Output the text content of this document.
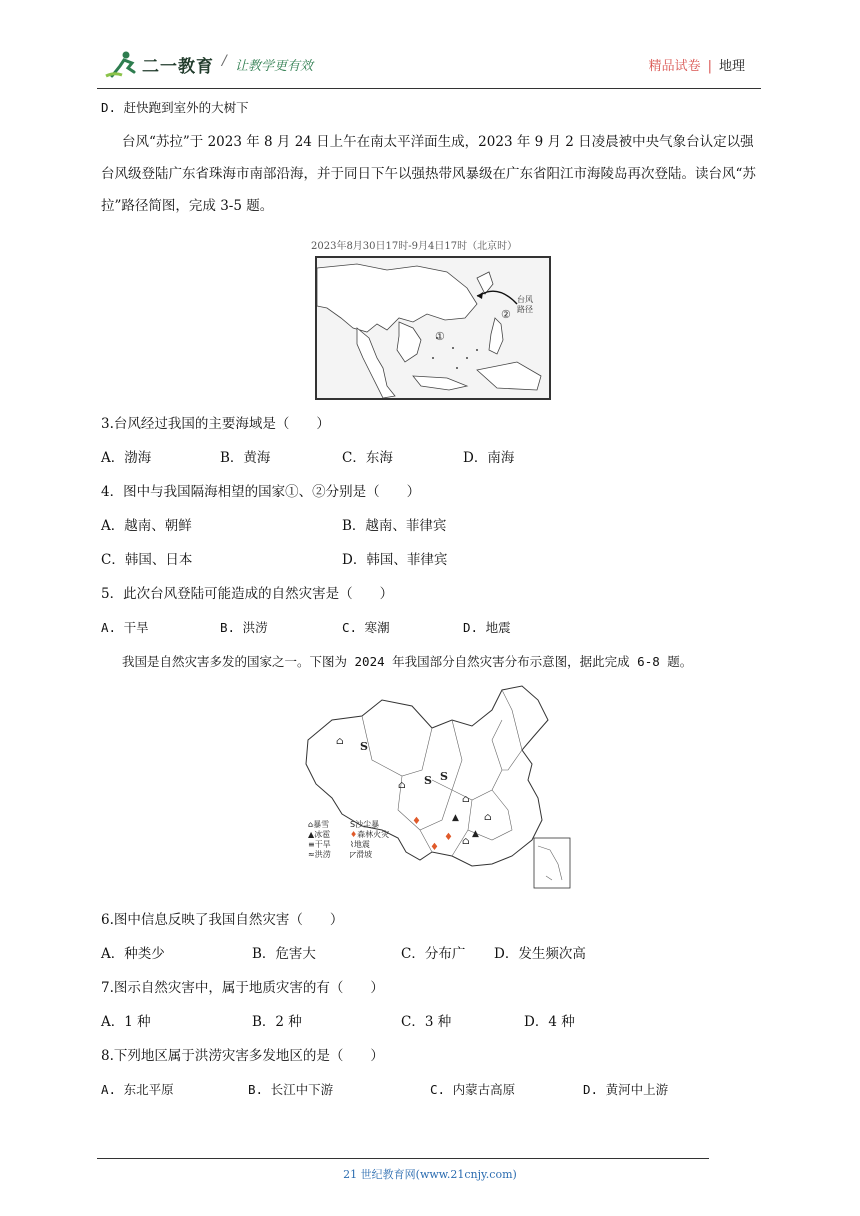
二一教育 / 让教学更有效	精品试卷 | 地理
D. 赶快跑到室外的大树下
台风“苏拉”于 2023 年 8 月 24 日上午在南太平洋面生成，2023 年 9 月 2 日凌晨被中央气象台认定以强台风级登陆广东省珠海市南部沿海，并于同日下午以强热带风暴级在广东省阳江市海陵岛再次登陆。读台风“苏拉”路径简图，完成 3-5 题。
2023年8月30日17时-9月4日17时（北京时）
台风
路径
①
②
3.台风经过我国的主要海域是（　　）
A．渤海	B．黄海	C．东海	D．南海
4．图中与我国隔海相望的国家①、②分别是（　　）
A．越南、朝鲜	B．越南、菲律宾
C．韩国、日本	D．韩国、菲律宾
5．此次台风登陆可能造成的自然灾害是（　　）
A. 干旱	B. 洪涝	C. 寒潮	D. 地震
我国是自然灾害多发的国家之一。下图为 2024 年我国部分自然灾害分布示意图，据此完成 6-8 题。
⌂ S
⌂ S S
⌂
⌂
▲
▲
♦
♦
♦
⌂
⌂暴雪	S沙尘暴
▲冰雹 ♦森林火灾
≡干旱 ⌇地震
≈洪涝 ◸滑坡
6.图中信息反映了我国自然灾害（　　）
A．种类少	B．危害大	C．分布广 D．发生频次高
7.图示自然灾害中，属于地质灾害的有（　　）
A．1 种	B．2 种	C．3 种	D．4 种
8.下列地区属于洪涝灾害多发地区的是（　　）
A. 东北平原	B. 长江中下游	C. 内蒙古高原	D. 黄河中上游
21 世纪教育网(www.21cnjy.com)
